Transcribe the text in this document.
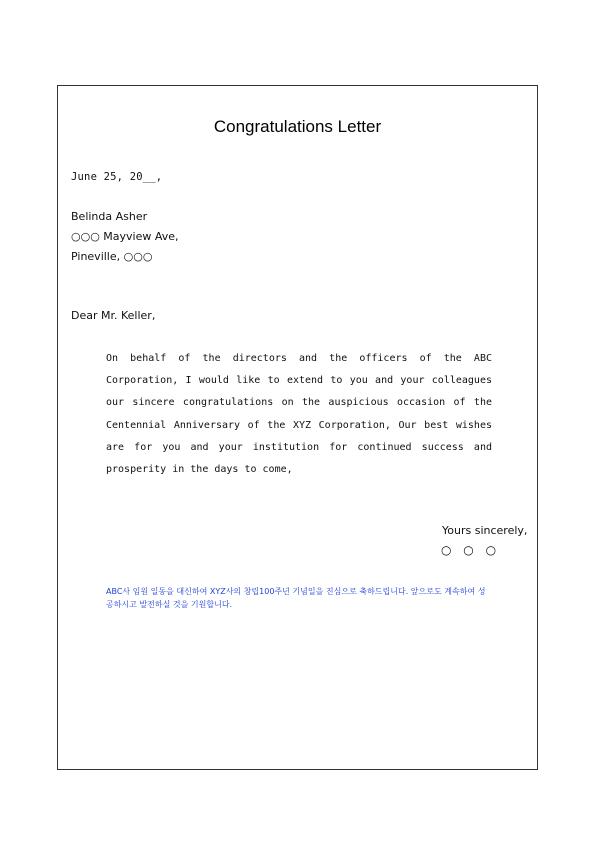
Congratulations Letter
June 25, 20__,
Belinda Asher
○○○ Mayview Ave,
Pineville, ○○○
Dear Mr. Keller,
On behalf of the directors and the officers of the ABC Corporation, I would like to extend to you and your colleagues our sincere congratulations on the auspicious occasion of the Centennial Anniversary of the XYZ Corporation, Our best wishes are for you and your institution for continued success and prosperity in the days to come,
Yours sincerely,
○ ○ ○
ABC사 임원 일동을 대신하여 XYZ사의 창립100주년 기념일을 진심으로 축하드립니다. 앞으로도 계속하여 성공하시고 발전하실 것을 기원합니다.
